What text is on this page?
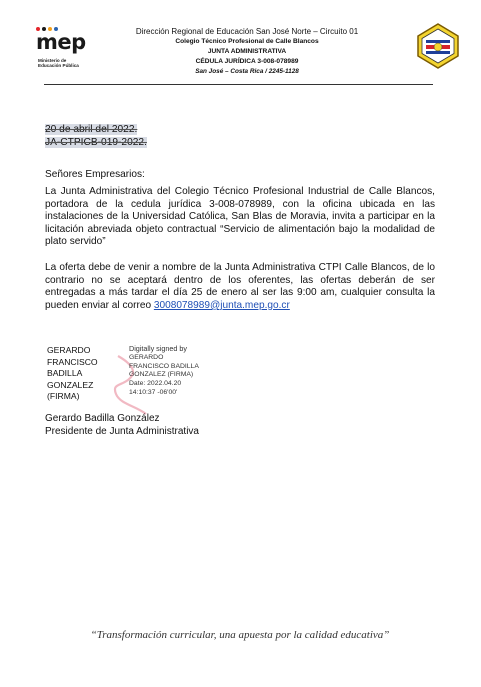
mep
Ministerio de
Educación Pública
Dirección Regional de Educación San José Norte – Circuito 01
Colegio Técnico Profesional de Calle Blancos
JUNTA ADMINISTRATIVA
CÉDULA JURÍDICA 3-008-078989
San José – Costa Rica / 2245-1128
20 de abril del 2022.
JA-CTPICB-019-2022.
Señores Empresarios:
La Junta Administrativa del Colegio Técnico Profesional Industrial de Calle Blancos, portadora de la cedula jurídica 3-008-078989, con la oficina ubicada en las instalaciones de la Universidad Católica, San Blas de Moravia, invita a participar en la licitación abreviada objeto contractual “Servicio de alimentación bajo la modalidad de plato servido”
La oferta debe de venir a nombre de la Junta Administrativa CTPI Calle Blancos, de lo contrario no se aceptará dentro de los oferentes, las ofertas deberán de ser entregadas a más tardar el día 25 de enero al ser las 9:00 am, cualquier consulta la pueden enviar al correo 3008078989@junta.mep.go.cr
GERARDO
FRANCISCO
BADILLA
GONZALEZ
(FIRMA)
Digitally signed by
GERARDO
FRANCISCO BADILLA
GONZALEZ (FIRMA)
Date: 2022.04.20
14:10:37 -06'00'
Gerardo Badilla González
Presidente de Junta Administrativa
“Transformación curricular, una apuesta por la calidad educativa”
